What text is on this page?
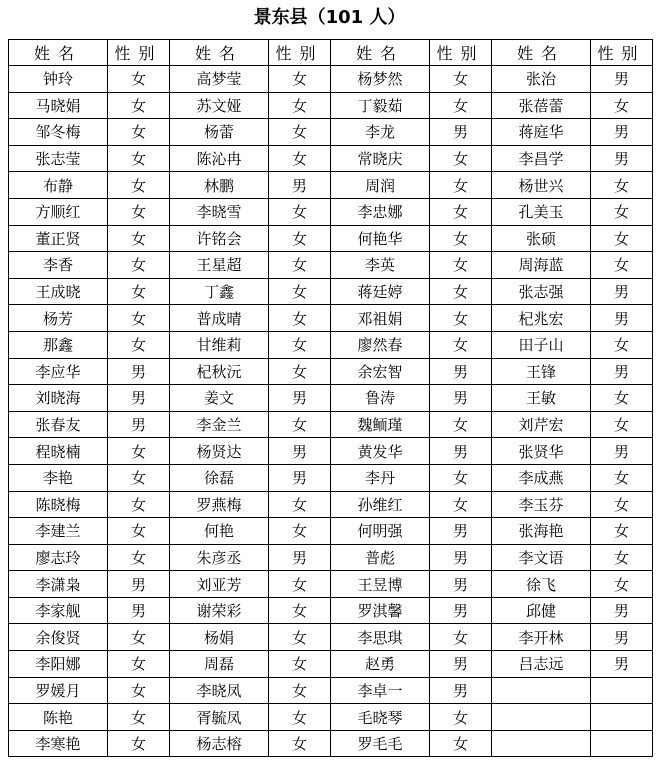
景东县（101 人）
姓名	性别	姓名	性别	姓名	性别	姓名	性别
钟玲	女	高梦莹	女	杨梦然	女	张治	男
马晓娟	女	苏文娅	女	丁毅茹	女	张蓓蕾	女
邹冬梅	女	杨蕾	女	李龙	男	蒋庭华	男
张志莹	女	陈沁冉	女	常晓庆	女	李昌学	男
布静	女	林鹏	男	周润	女	杨世兴	女
方顺红	女	李晓雪	女	李忠娜	女	孔美玉	女
董正贤	女	许铭会	女	何艳华	女	张硕	女
李香	女	王星超	女	李英	女	周海蓝	女
王成晓	女	丁鑫	女	蒋廷婷	女	张志强	男
杨芳	女	普成晴	女	邓祖娟	女	杞兆宏	男
那鑫	女	甘维莉	女	廖然春	女	田子山	女
李应华	男	杞秋沅	女	余宏智	男	王锋	男
刘晓海	男	姜文	男	鲁涛	男	王敏	女
张春友	男	李金兰	女	魏鲕瑾	女	刘芹宏	女
程晓楠	女	杨贤达	男	黄发华	男	张贤华	男
李艳	女	徐磊	男	李丹	女	李成燕	女
陈晓梅	女	罗燕梅	女	孙维红	女	李玉芬	女
李建兰	女	何艳	女	何明强	男	张海艳	女
廖志玲	女	朱彦丞	男	普彪	男	李文语	女
李潇枭	男	刘亚芳	女	王昱博	男	徐飞	女
李家舰	男	谢荣彩	女	罗淇馨	男	邱健	男
余俊贤	女	杨娟	女	李思琪	女	李开林	男
李阳娜	女	周磊	女	赵勇	男	吕志远	男
罗媛月	女	李晓凤	女	李卓一	男		
陈艳	女	胥毓凤	女	毛晓琴	女		
李寒艳	女	杨志榕	女	罗毛毛	女		
